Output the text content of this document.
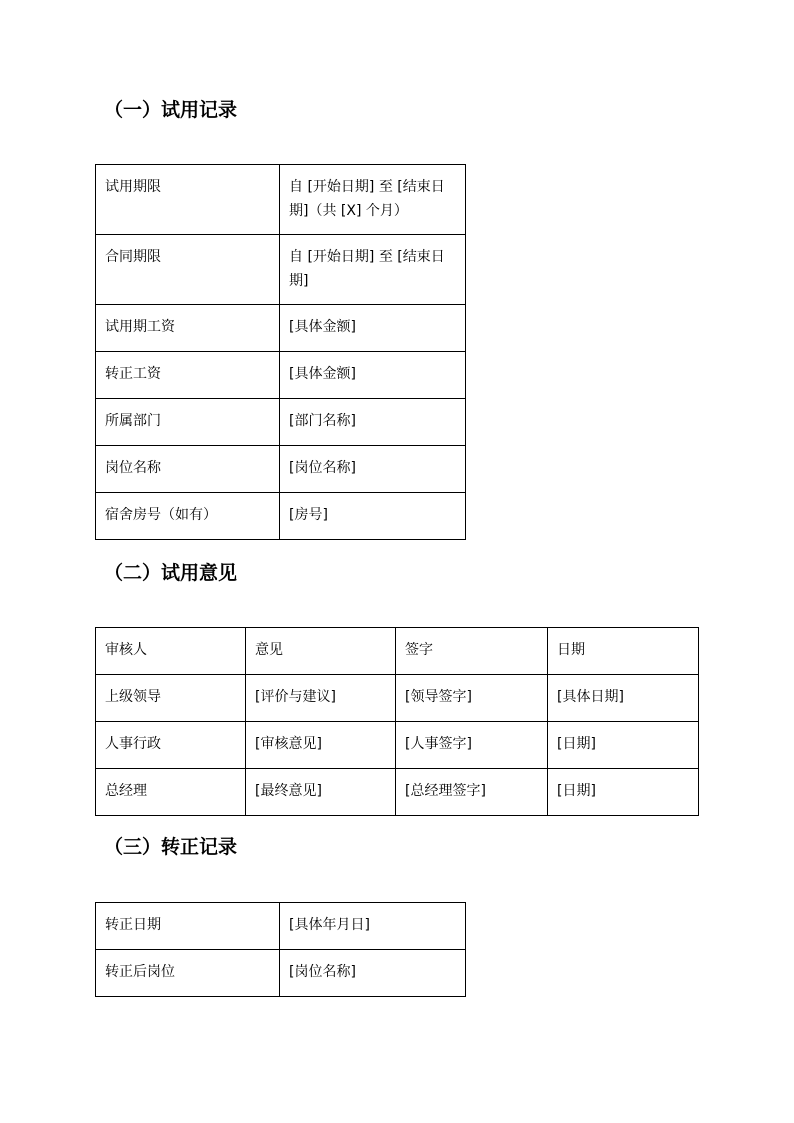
（一）试用记录
试用期限	自 [开始日期] 至 [结束日期]（共 [X] 个月）
合同期限	自 [开始日期] 至 [结束日期]
试用期工资	[具体金额]
转正工资	[具体金额]
所属部门	[部门名称]
岗位名称	[岗位名称]
宿舍房号（如有）	[房号]
（二）试用意见
审核人	意见	签字	日期
上级领导	[评价与建议]	[领导签字]	[具体日期]
人事行政	[审核意见]	[人事签字]	[日期]
总经理	[最终意见]	[总经理签字]	[日期]
（三）转正记录
转正日期	[具体年月日]
转正后岗位	[岗位名称]
